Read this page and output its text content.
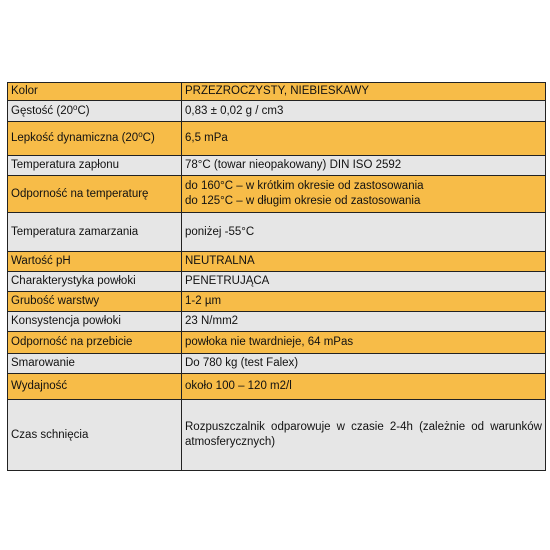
Kolor	PRZEZROCZYSTY, NIEBIESKAWY
Gęstość (20$^o$C)	0,83 ± 0,02 g / cm3
Lepkość dynamiczna (20$^o$C)	6,5 mPa
Temperatura zapłonu	78°C (towar nieopakowany) DIN ISO 2592
Odporność na temperaturę	do 160°C – w krótkim okresie od zastosowania
do 125°C – w długim okresie od zastosowania

Temperatura zamarzania	poniżej -55°C
Wartość pH	NEUTRALNA
Charakterystyka powłoki	PENETRUJĄCA
Grubość warstwy	1-2 µm
Konsystencja powłoki	23 N/mm2
Odporność na przebicie	powłoka nie twardnieje, 64 mPas
Smarowanie	Do 780 kg (test Falex)
Wydajność	około 100 – 120 m2/l
Czas schnięcia	Rozpuszczalnik odparowuje w czasie 2-4h (zależnie od warunków atmosferycznych)
